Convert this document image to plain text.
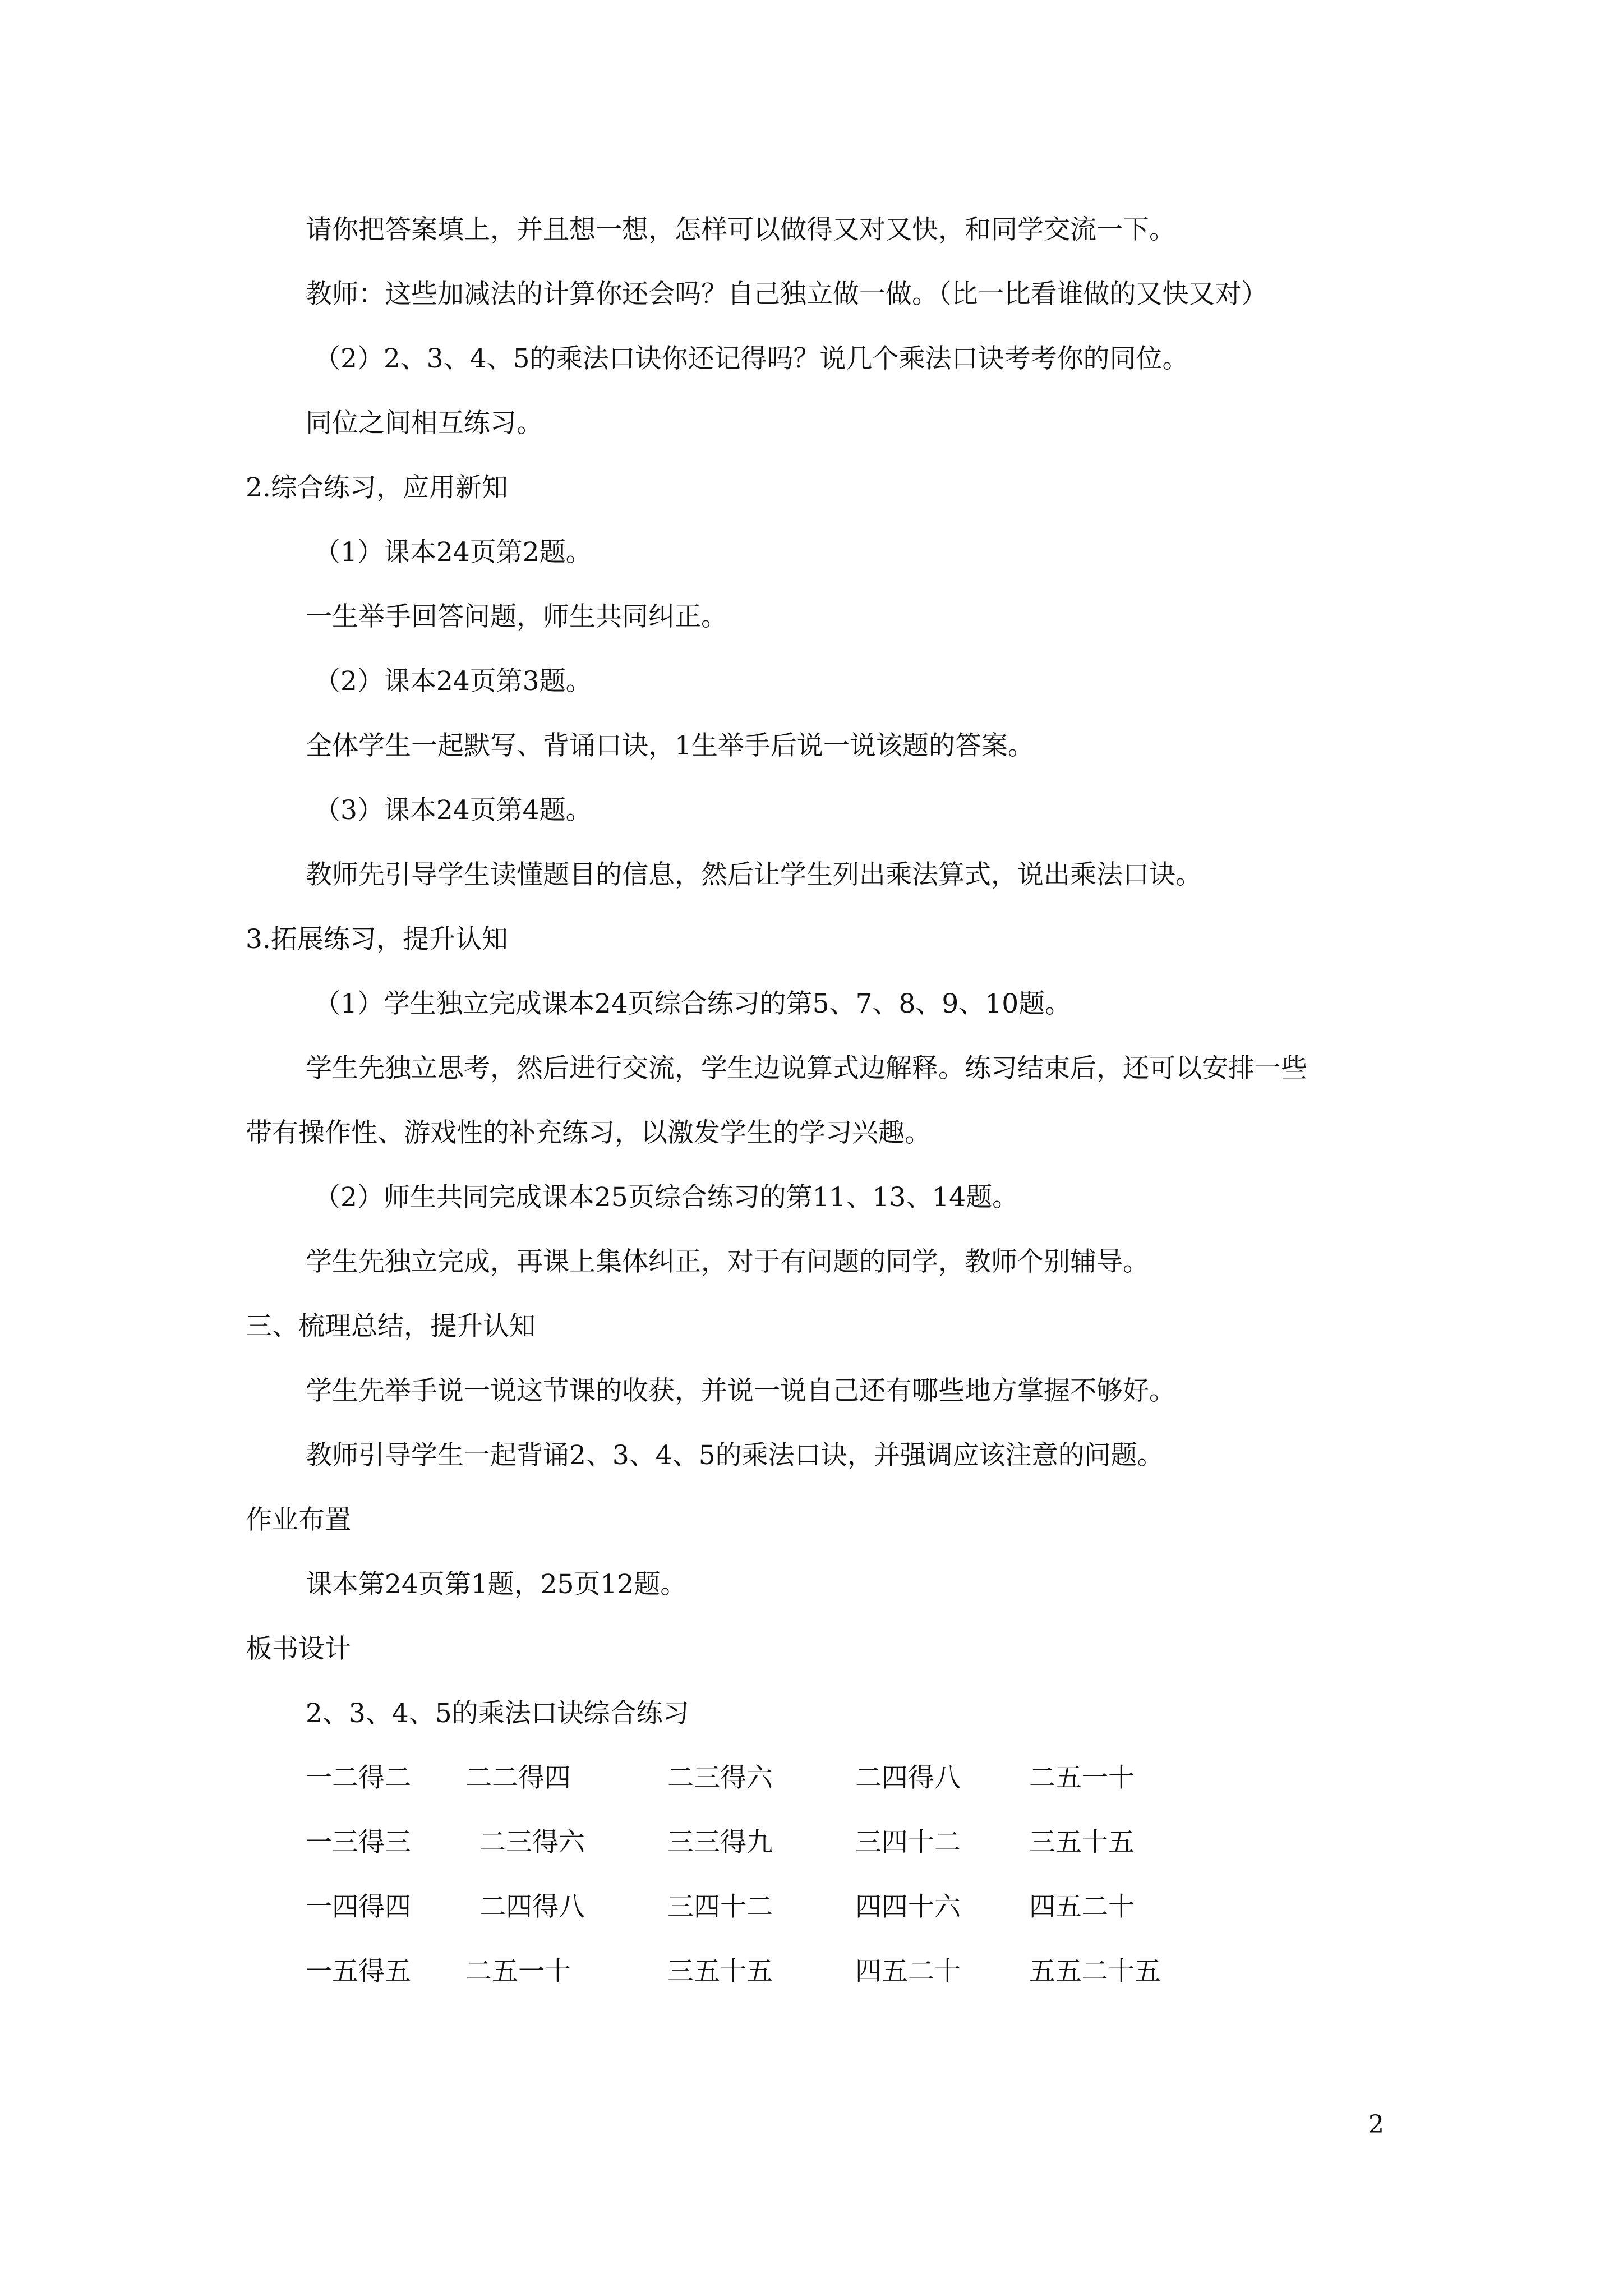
请你把答案填上，并且想一想，怎样可以做得又对又快，和同学交流一下。
教师：这些加减法的计算你还会吗？自己独立做一做。（比一比看谁做的又快又对）
（2）2、3、4、5的乘法口诀你还记得吗？说几个乘法口诀考考你的同位。
同位之间相互练习。
2.综合练习，应用新知
（1）课本24页第2题。
一生举手回答问题，师生共同纠正。
（2）课本24页第3题。
全体学生一起默写、背诵口诀，1生举手后说一说该题的答案。
（3）课本24页第4题。
教师先引导学生读懂题目的信息，然后让学生列出乘法算式，说出乘法口诀。
3.拓展练习，提升认知
（1）学生独立完成课本24页综合练习的第5、7、8、9、10题。
学生先独立思考，然后进行交流，学生边说算式边解释。练习结束后，还可以安排一些
带有操作性、游戏性的补充练习，以激发学生的学习兴趣。
（2）师生共同完成课本25页综合练习的第11、13、14题。
学生先独立完成，再课上集体纠正，对于有问题的同学，教师个别辅导。
三、梳理总结，提升认知
学生先举手说一说这节课的收获，并说一说自己还有哪些地方掌握不够好。
教师引导学生一起背诵2、3、4、5的乘法口诀，并强调应该注意的问题。
作业布置
课本第24页第1题，25页12题。
板书设计
2、3、4、5的乘法口诀综合练习
一二得二 二二得四	二三得六	二四得八	二五一十
一三得三	二三得六	三三得九	三四十二	三五十五
一四得四	二四得八	三四十二	四四十六	四五二十
一五得五 二五一十	三五十五	四五二十	五五二十五
2
